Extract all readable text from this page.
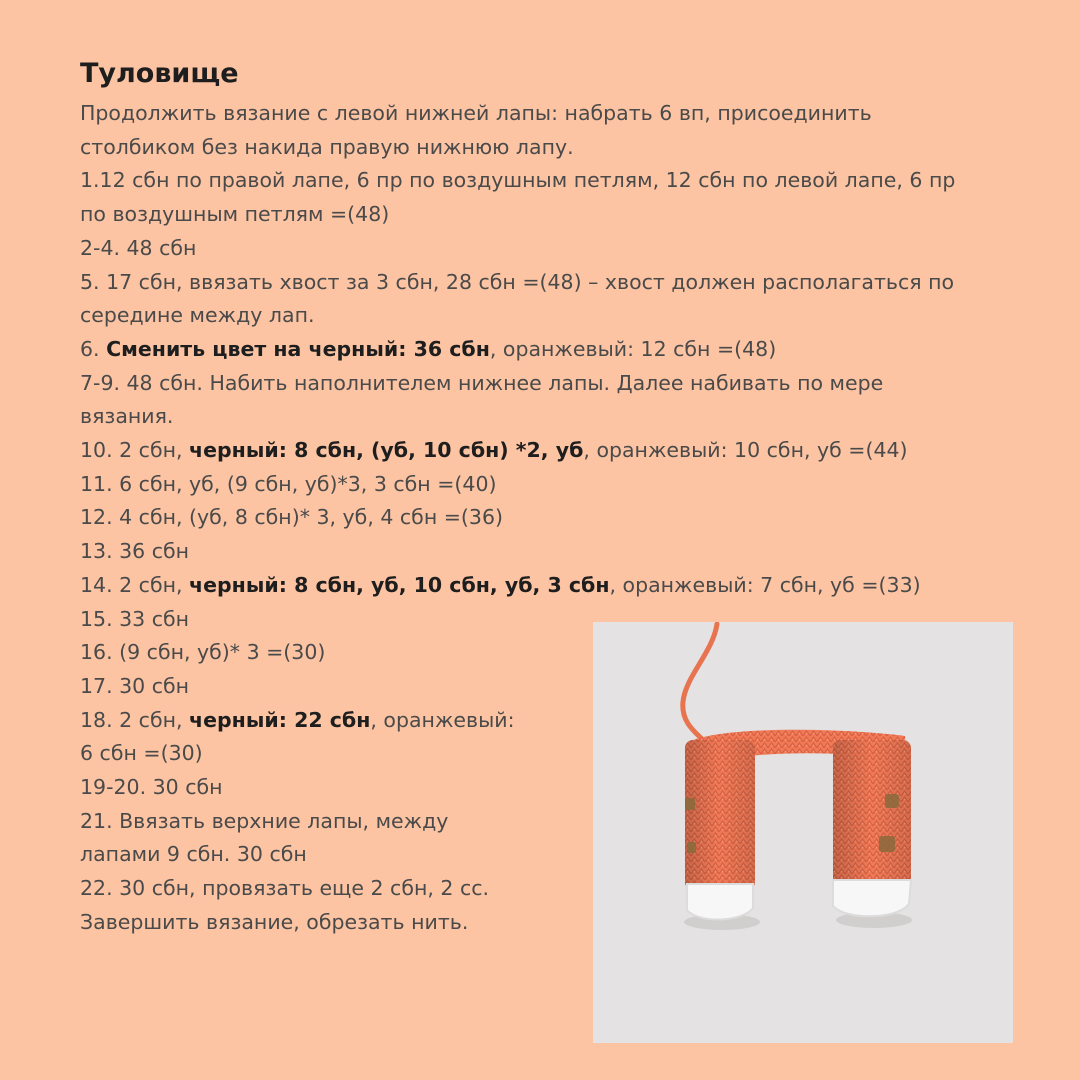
Туловище
Продолжить вязание с левой нижней лапы: набрать 6 вп, присоединить
столбиком без накида правую нижнюю лапу.
1.12 сбн по правой лапе, 6 пр по воздушным петлям, 12 сбн по левой лапе, 6 пр
по воздушным петлям =(48)
2-4. 48 сбн
5. 17 сбн, ввязать хвост за 3 сбн, 28 сбн =(48) – хвост должен располагаться по
середине между лап.
6. Сменить цвет на черный: 36 сбн, оранжевый: 12 сбн =(48)
7-9. 48 сбн. Набить наполнителем нижнее лапы. Далее набивать по мере
вязания.
10. 2 сбн, черный: 8 сбн, (уб, 10 сбн) *2, уб, оранжевый: 10 сбн, уб =(44)
11. 6 сбн, уб, (9 сбн, уб)*3, 3 сбн =(40)
12. 4 сбн, (уб, 8 сбн)* 3, уб, 4 сбн =(36)
13. 36 сбн
14. 2 сбн, черный: 8 сбн, уб, 10 сбн, уб, 3 сбн, оранжевый: 7 сбн, уб =(33)
15. 33 сбн
16. (9 сбн, уб)* 3 =(30)
17. 30 сбн
18. 2 сбн, черный: 22 сбн, оранжевый:
6 сбн =(30)
19-20. 30 сбн
21. Ввязать верхние лапы, между
лапами 9 сбн. 30 сбн
22. 30 сбн, провязать еще 2 сбн, 2 сс.
Завершить вязание, обрезать нить.
